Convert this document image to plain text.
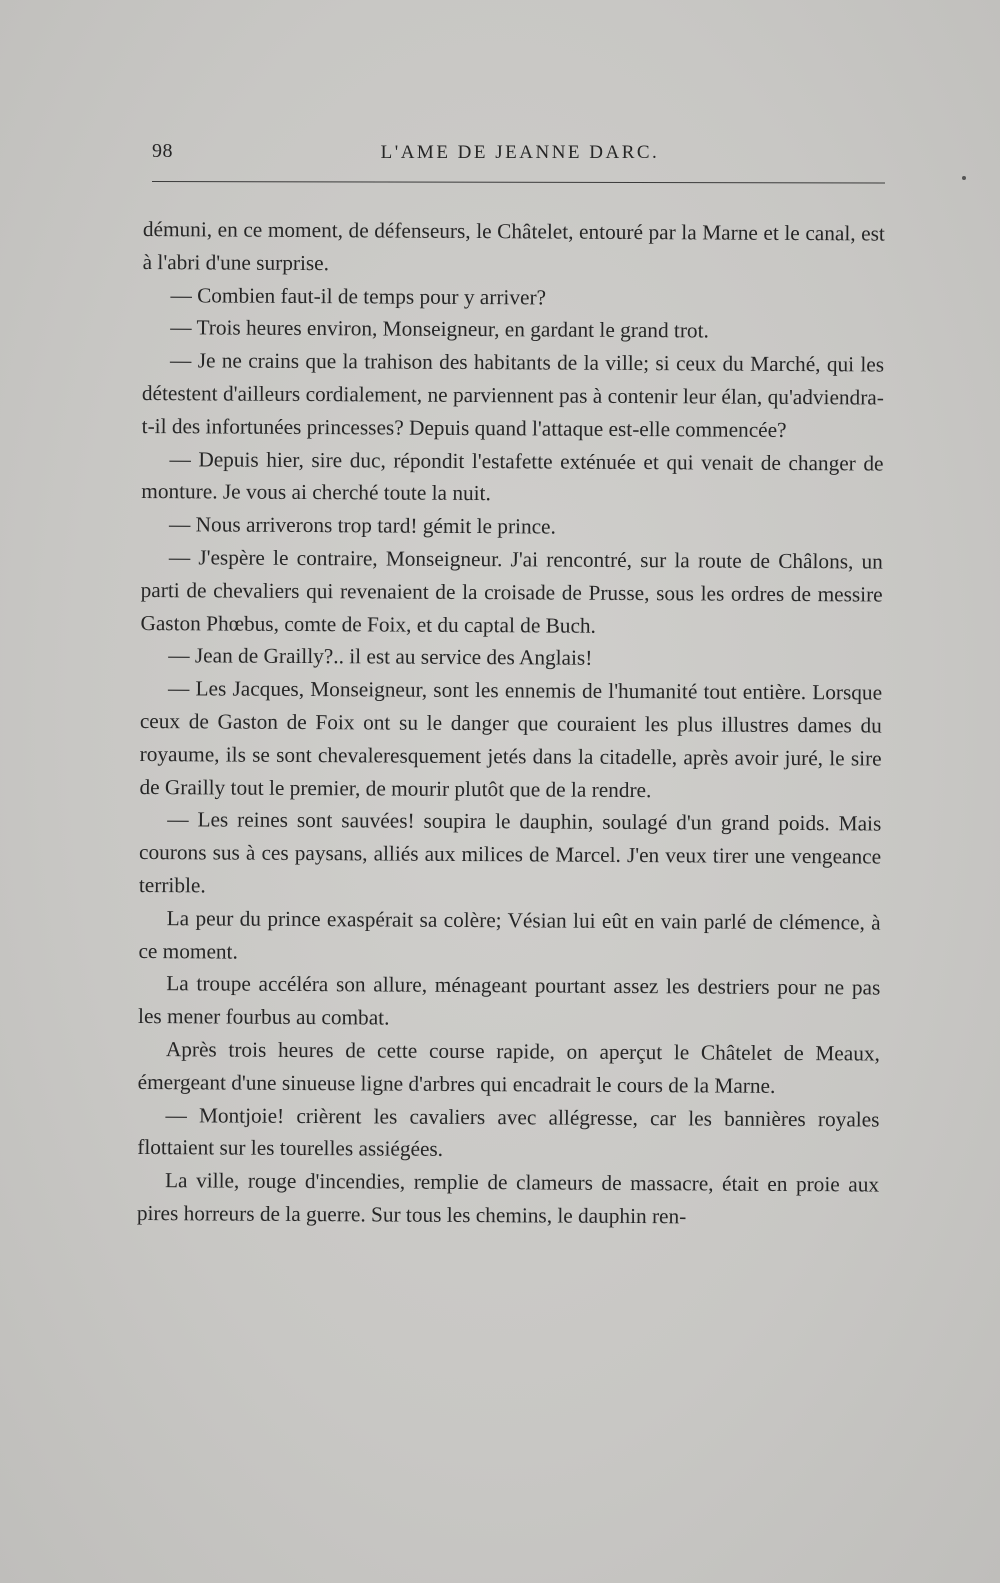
98	L'AME DE JEANNE DARC.

démuni, en ce moment, de défenseurs, le Châtelet, entouré par la Marne et le canal, est à l'abri d'une surprise.

— Combien faut-il de temps pour y arriver?

— Trois heures environ, Monseigneur, en gardant le grand trot.

— Je ne crains que la trahison des habitants de la ville; si ceux du Marché, qui les détestent d'ailleurs cordialement, ne parviennent pas à contenir leur élan, qu'adviendra-t-il des infortunées princesses? Depuis quand l'attaque est-elle commencée?

— Depuis hier, sire duc, répondit l'estafette exténuée et qui venait de changer de monture. Je vous ai cherché toute la nuit.

— Nous arriverons trop tard! gémit le prince.

— J'espère le contraire, Monseigneur. J'ai rencontré, sur la route de Châlons, un parti de chevaliers qui revenaient de la croisade de Prusse, sous les ordres de messire Gaston Phœbus, comte de Foix, et du captal de Buch.

— Jean de Grailly?.. il est au service des Anglais!

— Les Jacques, Monseigneur, sont les ennemis de l'humanité tout entière. Lorsque ceux de Gaston de Foix ont su le danger que couraient les plus illustres dames du royaume, ils se sont chevaleresquement jetés dans la citadelle, après avoir juré, le sire de Grailly tout le premier, de mourir plutôt que de la rendre.

— Les reines sont sauvées! soupira le dauphin, soulagé d'un grand poids. Mais courons sus à ces paysans, alliés aux milices de Marcel. J'en veux tirer une vengeance terrible.

La peur du prince exaspérait sa colère; Vésian lui eût en vain parlé de clémence, à ce moment.

La troupe accéléra son allure, ménageant pourtant assez les destriers pour ne pas les mener fourbus au combat.

Après trois heures de cette course rapide, on aperçut le Châtelet de Meaux, émergeant d'une sinueuse ligne d'arbres qui encadrait le cours de la Marne.

— Montjoie! crièrent les cavaliers avec allégresse, car les bannières royales flottaient sur les tourelles assiégées.

La ville, rouge d'incendies, remplie de clameurs de massacre, était en proie aux pires horreurs de la guerre. Sur tous les chemins, le dauphin ren-
